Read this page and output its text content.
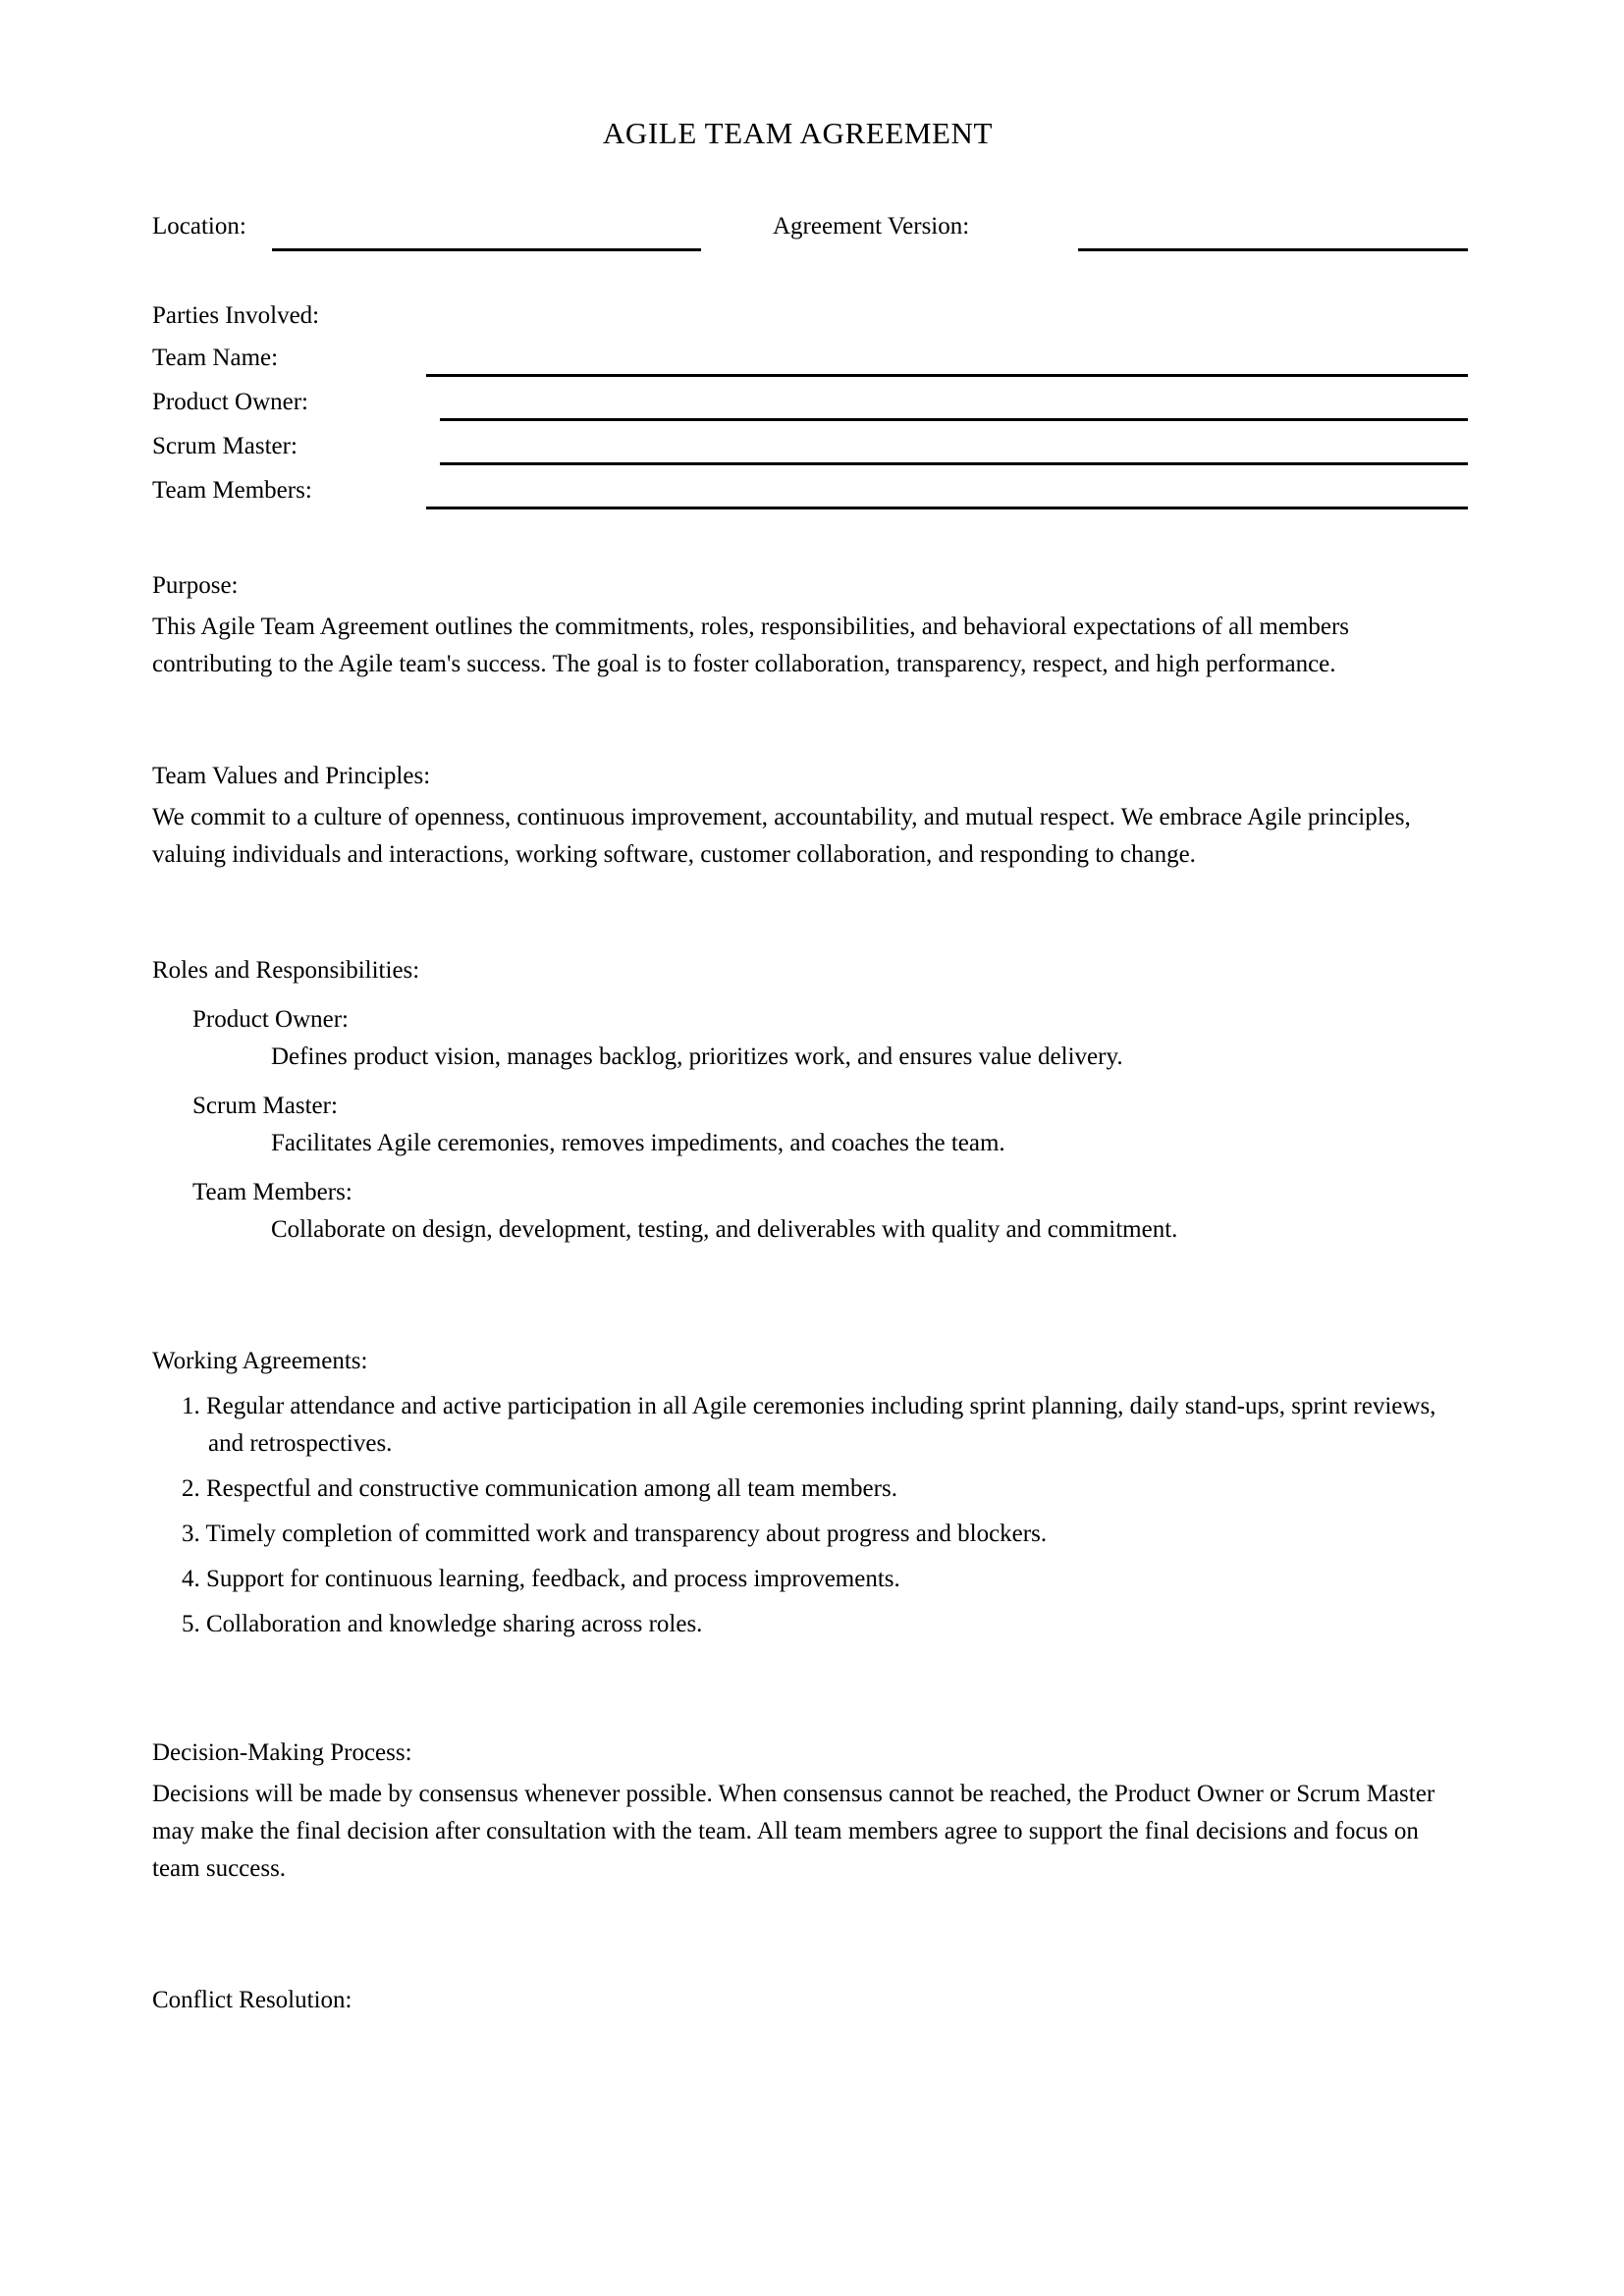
AGILE TEAM AGREEMENT
Location:	Agreement Version:
Parties Involved:
Team Name:
Product Owner:
Scrum Master:
Team Members:
Purpose:
This Agile Team Agreement outlines the commitments, roles, responsibilities, and behavioral expectations of all members contributing to the Agile team's success. The goal is to foster collaboration, transparency, respect, and high performance.
Team Values and Principles:
We commit to a culture of openness, continuous improvement, accountability, and mutual respect. We embrace Agile principles, valuing individuals and interactions, working software, customer collaboration, and responding to change.
Roles and Responsibilities:
Product Owner:
Defines product vision, manages backlog, prioritizes work, and ensures value delivery.
Scrum Master:
Facilitates Agile ceremonies, removes impediments, and coaches the team.
Team Members:
Collaborate on design, development, testing, and deliverables with quality and commitment.
Working Agreements:
1. Regular attendance and active participation in all Agile ceremonies including sprint planning, daily stand-ups, sprint reviews, and retrospectives.
2. Respectful and constructive communication among all team members.
3. Timely completion of committed work and transparency about progress and blockers.
4. Support for continuous learning, feedback, and process improvements.
5. Collaboration and knowledge sharing across roles.
Decision-Making Process:
Decisions will be made by consensus whenever possible. When consensus cannot be reached, the Product Owner or Scrum Master may make the final decision after consultation with the team. All team members agree to support the final decisions and focus on team success.
Conflict Resolution:
